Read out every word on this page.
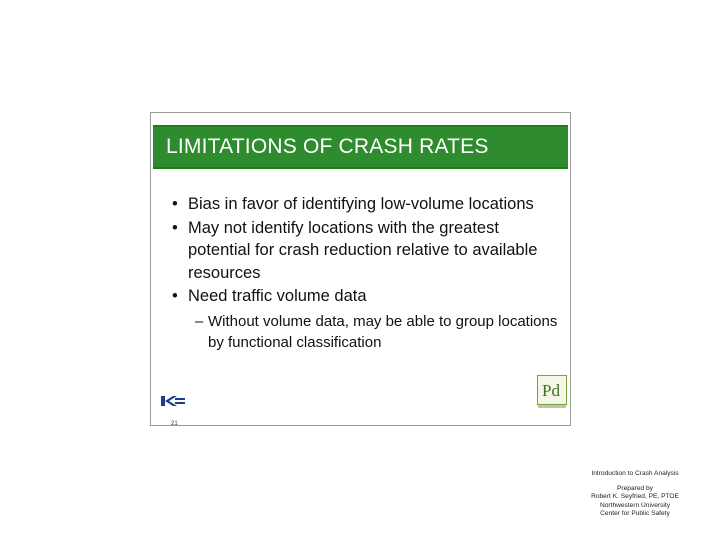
LIMITATIONS OF CRASH RATES
• Bias in favor of identifying low-volume locations
• May not identify locations with the greatest potential for crash reduction relative to available resources
• Need traffic volume data
– Without volume data, may be able to group locations by functional classification
21
Pd
Introduction to Crash Analysis
Prepared by
Robert K. Seyfried, PE, PTOE
Northwestern University
Center for Public Safety
